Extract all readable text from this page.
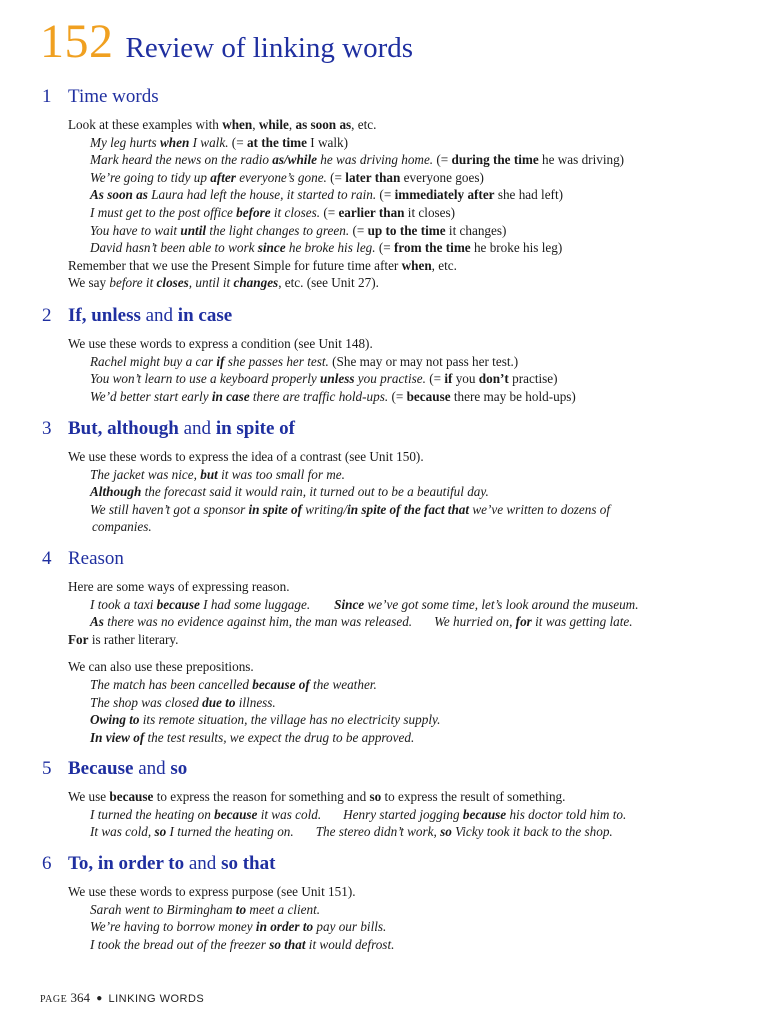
152 Review of linking words
1 Time words
Look at these examples with when, while, as soon as, etc.
My leg hurts when I walk. (= at the time I walk)
Mark heard the news on the radio as/while he was driving home. (= during the time he was driving)
We’re going to tidy up after everyone’s gone. (= later than everyone goes)
As soon as Laura had left the house, it started to rain. (= immediately after she had left)
I must get to the post office before it closes. (= earlier than it closes)
You have to wait until the light changes to green. (= up to the time it changes)
David hasn’t been able to work since he broke his leg. (= from the time he broke his leg)
Remember that we use the Present Simple for future time after when, etc.
We say before it closes, until it changes, etc. (see Unit 27).
2 If, unless and in case
We use these words to express a condition (see Unit 148).
Rachel might buy a car if she passes her test. (She may or may not pass her test.)
You won’t learn to use a keyboard properly unless you practise. (= if you don’t practise)
We’d better start early in case there are traffic hold-ups. (= because there may be hold-ups)
3 But, although and in spite of
We use these words to express the idea of a contrast (see Unit 150).
The jacket was nice, but it was too small for me.
Although the forecast said it would rain, it turned out to be a beautiful day.
We still haven’t got a sponsor in spite of writing/in spite of the fact that we’ve written to dozens of
companies.
4 Reason
Here are some ways of expressing reason.
I took a taxi because I had some luggage. Since we’ve got some time, let’s look around the museum.
As there was no evidence against him, the man was released. We hurried on, for it was getting late.
For is rather literary.
We can also use these prepositions.
The match has been cancelled because of the weather.
The shop was closed due to illness.
Owing to its remote situation, the village has no electricity supply.
In view of the test results, we expect the drug to be approved.
5 Because and so
We use because to express the reason for something and so to express the result of something.
I turned the heating on because it was cold. Henry started jogging because his doctor told him to.
It was cold, so I turned the heating on. The stereo didn’t work, so Vicky took it back to the shop.
6 To, in order to and so that
We use these words to express purpose (see Unit 151).
Sarah went to Birmingham to meet a client.
We’re having to borrow money in order to pay our bills.
I took the bread out of the freezer so that it would defrost.
PAGE 364 ● LINKING WORDS
